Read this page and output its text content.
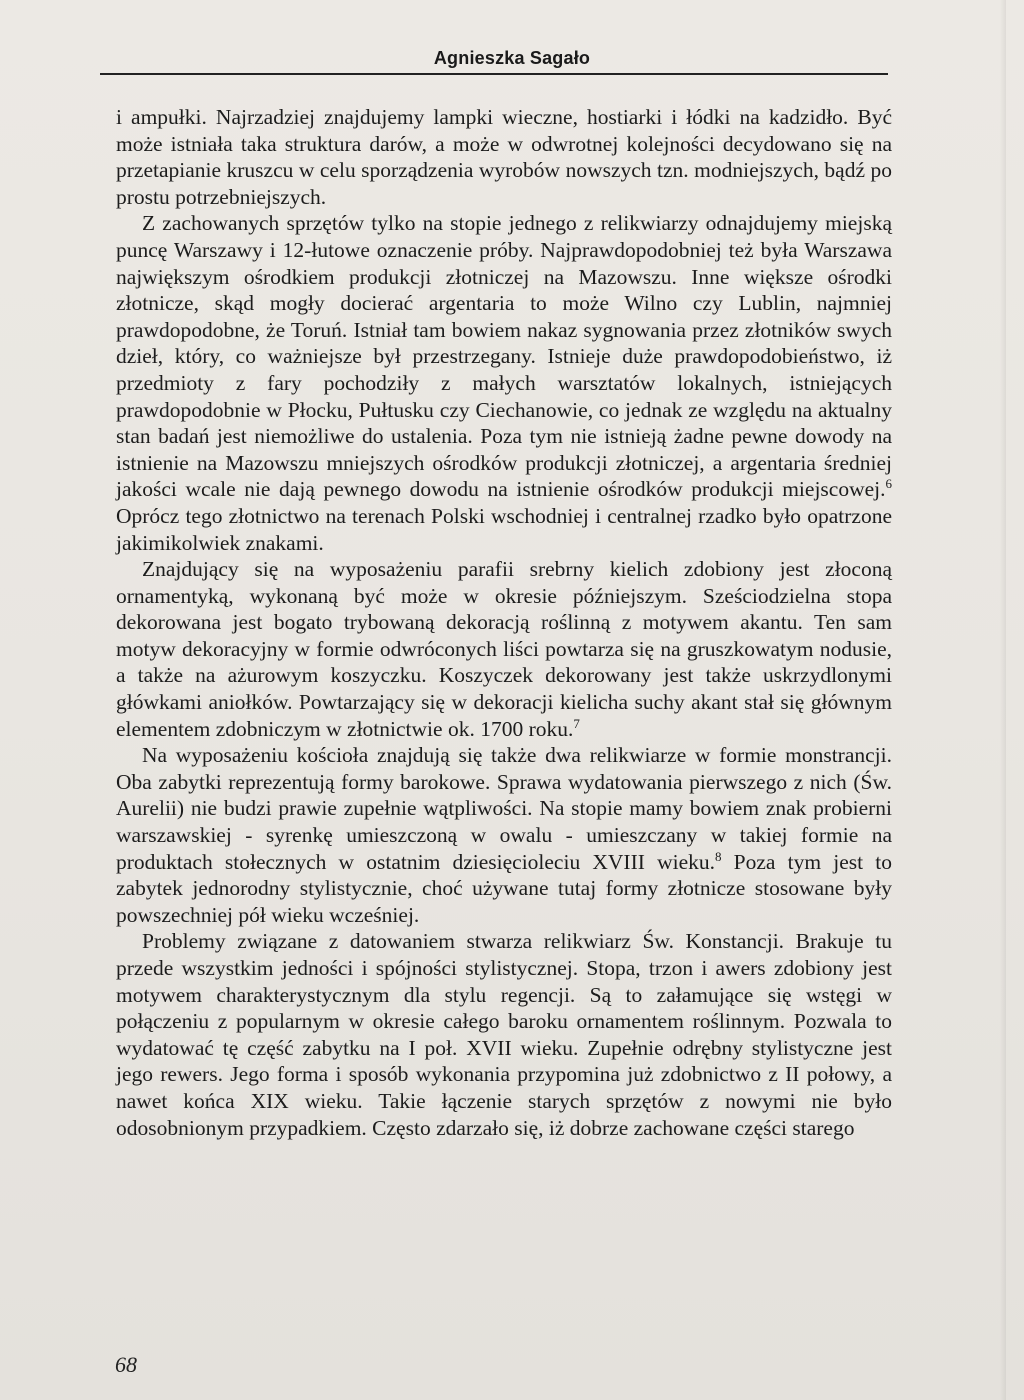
Agnieszka Sagało

i ampułki. Najrzadziej znajdujemy lampki wieczne, hostiarki i łódki na kadzidło. Być może istniała taka struktura darów, a może w odwrotnej kolejności decydowano się na przetapianie kruszcu w celu sporządzenia wyrobów nowszych tzn. modniejszych, bądź po prostu potrzebniejszych.

Z zachowanych sprzętów tylko na stopie jednego z relikwiarzy odnajdujemy miejską puncę Warszawy i 12-łutowe oznaczenie próby. Najprawdopodobniej też była Warszawa największym ośrodkiem produkcji złotniczej na Mazowszu. Inne większe ośrodki złotnicze, skąd mogły docierać argentaria to może Wilno czy Lublin, najmniej prawdopodobne, że Toruń. Istniał tam bowiem nakaz sygnowania przez złotników swych dzieł, który, co ważniejsze był przestrzegany. Istnieje duże prawdopodobieństwo, iż przedmioty z fary pochodziły z małych warsztatów lokalnych, istniejących prawdopodobnie w Płocku, Pułtusku czy Ciechanowie, co jednak ze względu na aktualny stan badań jest niemożliwe do ustalenia. Poza tym nie istnieją żadne pewne dowody na istnienie na Mazowszu mniejszych ośrodków produkcji złotniczej, a argentaria średniej jakości wcale nie dają pewnego dowodu na istnienie ośrodków produkcji miejscowej.$^6$ Oprócz tego złotnictwo na terenach Polski wschodniej i centralnej rzadko było opatrzone jakimikolwiek znakami.

Znajdujący się na wyposażeniu parafii srebrny kielich zdobiony jest złoconą ornamentyką, wykonaną być może w okresie późniejszym. Sześciodzielna stopa dekorowana jest bogato trybowaną dekoracją roślinną z motywem akantu. Ten sam motyw dekoracyjny w formie odwróconych liści powtarza się na gruszkowatym nodusie, a także na ażurowym koszyczku. Koszyczek dekorowany jest także uskrzydlonymi główkami aniołków. Powtarzający się w dekoracji kielicha suchy akant stał się głównym elementem zdobniczym w złotnictwie ok. 1700 roku.$^7$

Na wyposażeniu kościoła znajdują się także dwa relikwiarze w formie monstrancji. Oba zabytki reprezentują formy barokowe. Sprawa wydatowania pierwszego z nich (Św. Aurelii) nie budzi prawie zupełnie wątpliwości. Na stopie mamy bowiem znak probierni warszawskiej - syrenkę umieszczoną w owalu - umieszczany w takiej formie na produktach stołecznych w ostatnim dziesięcioleciu XVIII wieku.$^8$ Poza tym jest to zabytek jednorodny stylistycznie, choć używane tutaj formy złotnicze stosowane były powszechniej pół wieku wcześniej.

Problemy związane z datowaniem stwarza relikwiarz Św. Konstancji. Brakuje tu przede wszystkim jedności i spójności stylistycznej. Stopa, trzon i awers zdobiony jest motywem charakterystycznym dla stylu regencji. Są to załamujące się wstęgi w połączeniu z popularnym w okresie całego baroku ornamentem roślinnym. Pozwala to wydatować tę część zabytku na I poł. XVII wieku. Zupełnie odrębny stylistyczne jest jego rewers. Jego forma i sposób wykonania przypomina już zdobnictwo z II połowy, a nawet końca XIX wieku. Takie łączenie starych sprzętów z nowymi nie było odosobnionym przypadkiem. Często zdarzało się, iż dobrze zachowane części starego

68
